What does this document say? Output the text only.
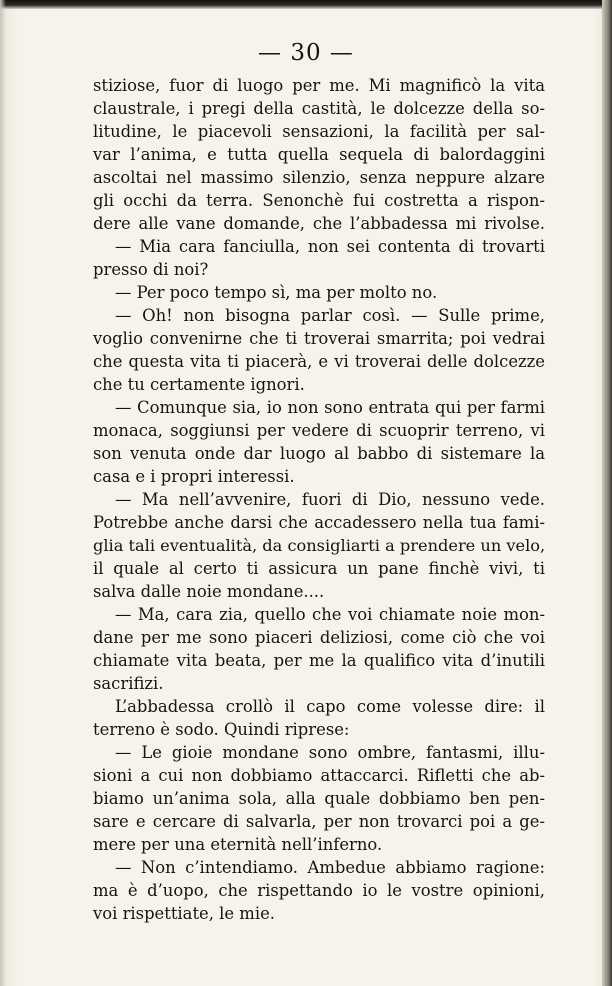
— 30 —
stiziose, fuor di luogo per me. Mi magnificò la vita
claustrale, i pregi della castità, le dolcezze della so-
litudine, le piacevoli sensazioni, la facilità per sal-
var l’anima, e tutta quella sequela di balordaggini
ascoltai nel massimo silenzio, senza neppure alzare
gli occhi da terra. Senonchè fui costretta a rispon-
dere alle vane domande, che l’abbadessa mi rivolse.
— Mia cara fanciulla, non sei contenta di trovarti
presso di noi?
— Per poco tempo sì, ma per molto no.
— Oh! non bisogna parlar così. — Sulle prime,
voglio convenirne che ti troverai smarrita; poi vedrai
che questa vita ti piacerà, e vi troverai delle dolcezze
che tu certamente ignori.
— Comunque sia, io non sono entrata qui per farmi
monaca, soggiunsi per vedere di scuoprir terreno, vi
son venuta onde dar luogo al babbo di sistemare la
casa e i propri interessi.
— Ma nell’avvenire, fuori di Dio, nessuno vede.
Potrebbe anche darsi che accadessero nella tua fami-
glia tali eventualità, da consigliarti a prendere un velo,
il quale al certo ti assicura un pane finchè vivi, ti
salva dalle noie mondane....
— Ma, cara zia, quello che voi chiamate noie mon-
dane per me sono piaceri deliziosi, come ciò che voi
chiamate vita beata, per me la qualifico vita d’inutili
sacrifizi.
L’abbadessa crollò il capo come volesse dire: il
terreno è sodo. Quindi riprese:
— Le gioie mondane sono ombre, fantasmi, illu-
sioni a cui non dobbiamo attaccarci. Rifletti che ab-
biamo un’anima sola, alla quale dobbiamo ben pen-
sare e cercare di salvarla, per non trovarci poi a ge-
mere per una eternità nell’inferno.
— Non c’intendiamo. Ambedue abbiamo ragione:
ma è d’uopo, che rispettando io le vostre opinioni,
voi rispettiate, le mie.
